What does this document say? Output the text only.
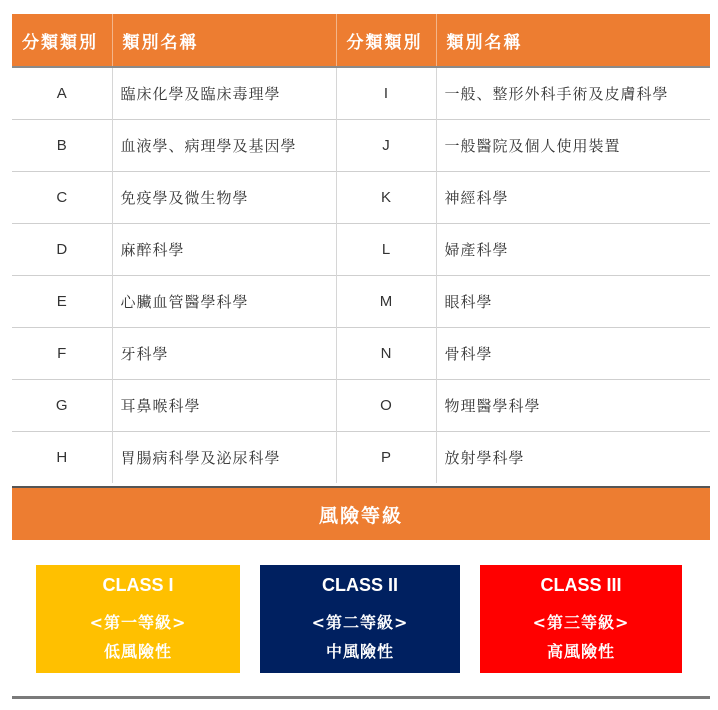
分類類別	類別名稱	分類類別	類別名稱
A	臨床化學及臨床毒理學	I	一般、整形外科手術及皮膚科學
B	血液學、病理學及基因學	J	一般醫院及個人使用裝置
C	免疫學及微生物學	K	神經科學
D	麻醉科學	L	婦產科學
E	心臟血管醫學科學	M	眼科學
F	牙科學	N	骨科學
G	耳鼻喉科學	O	物理醫學科學
H	胃腸病科學及泌尿科學	P	放射學科學
風險等級
CLASS I
<第一等級>
低風險性
CLASS II
<第二等級>
中風險性
CLASS III
<第三等級>
高風險性
